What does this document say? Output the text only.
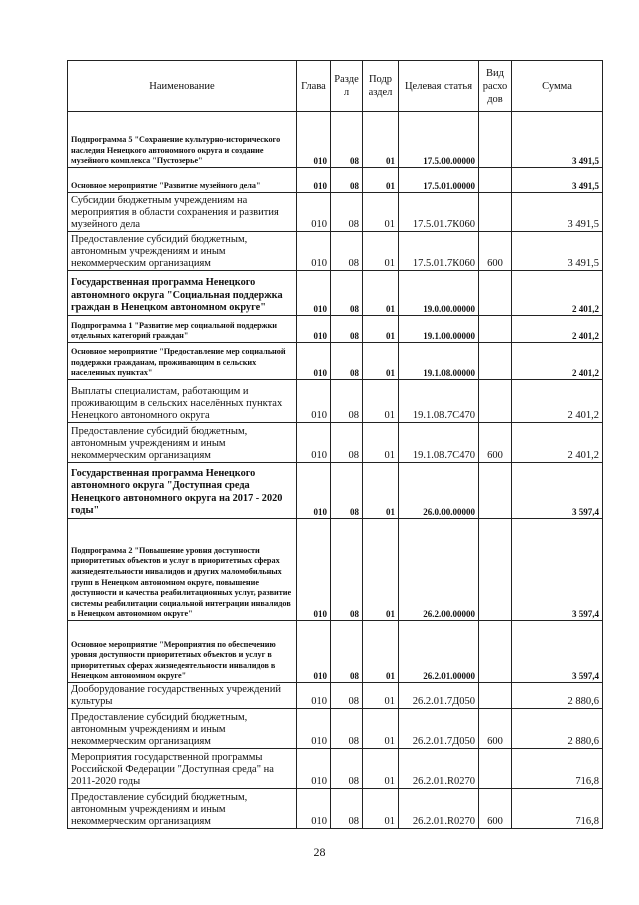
Наименование	Глава	Разде л	Подр аздел	Целевая статья	Вид расхо дов	Сумма
Подпрограмма 5 "Сохранение культурно-исторического наследия Ненецкого автономного округа и создание музейного комплекса "Пустозерье"	010	08	01	17.5.00.00000		3 491,5
Основное мероприятие "Развитие музейного дела"	010	08	01	17.5.01.00000		3 491,5
Субсидии бюджетным учреждениям на мероприятия в области сохранения и развития музейного дела	010	08	01	17.5.01.7К060		3 491,5
Предоставление субсидий бюджетным, автономным учреждениям и иным некоммерческим организациям	010	08	01	17.5.01.7К060	600	3 491,5
Государственная программа Ненецкого автономного округа "Социальная поддержка граждан в Ненецком автономном округе"	010	08	01	19.0.00.00000		2 401,2
Подпрограмма 1 "Развитие мер социальной поддержки отдельных категорий граждан"	010	08	01	19.1.00.00000		2 401,2
Основное мероприятие "Предоставление мер социальной поддержки гражданам, проживающим в сельских населенных пунктах"	010	08	01	19.1.08.00000		2 401,2
Выплаты специалистам, работающим и проживающим в сельских населённых пунктах Ненецкого автономного округа	010	08	01	19.1.08.7С470		2 401,2
Предоставление субсидий бюджетным, автономным учреждениям и иным некоммерческим организациям	010	08	01	19.1.08.7С470	600	2 401,2
Государственная программа Ненецкого автономного округа "Доступная среда Ненецкого автономного округа на 2017 - 2020 годы"	010	08	01	26.0.00.00000		3 597,4
Подпрограмма 2 "Повышение уровня доступности приоритетных объектов и услуг в приоритетных сферах жизнедеятельности инвалидов и других маломобильных групп в Ненецком автономном округе, повышение доступности и качества реабилитационных услуг, развитие системы реабилитации социальной интеграции инвалидов в Ненецком автономном округе"	010	08	01	26.2.00.00000		3 597,4
Основное мероприятие "Мероприятия по обеспечению уровня доступности приоритетных объектов и услуг в приоритетных сферах жизнедеятельности инвалидов в Ненецком автономном округе"	010	08	01	26.2.01.00000		3 597,4
Дооборудование государственных учреждений культуры	010	08	01	26.2.01.7Д050		2 880,6
Предоставление субсидий бюджетным, автономным учреждениям и иным некоммерческим организациям	010	08	01	26.2.01.7Д050	600	2 880,6
Мероприятия государственной программы Российской Федерации "Доступная среда" на 2011-2020 годы	010	08	01	26.2.01.R0270		716,8
Предоставление субсидий бюджетным, автономным учреждениям и иным некоммерческим организациям	010	08	01	26.2.01.R0270	600	716,8
28
